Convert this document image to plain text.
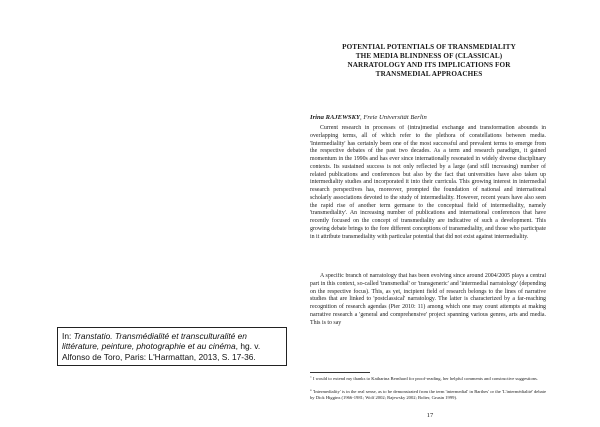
POTENTIAL POTENTIALS OF TRANSMEDIALITY
THE MEDIA BLINDNESS OF (CLASSICAL)
NARRATOLOGY AND ITS IMPLICATIONS FOR
TRANSMEDIAL APPROACHES
Irina RAJEWSKY, Freie Universität Berlin

Current research in processes of (intra)medial exchange and transformation abounds in overlapping terms, all of which refer to the plethora of constellations between media. 'Intermediality' has certainly been one of the most successful and prevalent terms to emerge from the respective debates of the past two decades. As a term and research paradigm, it gained momentum in the 1990s and has ever since internationally resonated in widely diverse disciplinary contexts. Its sustained success is not only reflected by a large (and still increasing) number of related publications and conferences but also by the fact that universities have also taken up intermediality studies and incorporated it into their curricula. This growing interest in intermedial research perspectives has, moreover, prompted the foundation of national and international scholarly associations devoted to the study of intermediality. However, recent years have also seen the rapid rise of another term germane to the conceptual field of intermediality, namely 'transmediality'. An increasing number of publications and international conferences that have recently focused on the concept of transmediality are indicative of such a development. This growing debate brings to the fore different conceptions of transmediality, and those who participate in it attribute transmediality with particular potential that did not exist against intermediality.

A specific branch of narratology that has been evolving since around 2004/2005 plays a central part in this context, so-called 'transmedial' or 'transgeneric' and 'intermedial narratology' (depending on the respective focus). This, as yet, incipient field of research belongs to the lines of narrative studies that are linked to 'postclassical' narratology. The latter is characterized by a far-reaching recognition of research agendas (Pier 2010: 11) among which one may count attempts at making narrative research a 'general and comprehensive' project spanning various genres, arts and media. This is to say

$^1$ I would to extend my thanks to Katharina Bernhard for proof-reading, her helpful comments and constructive suggestions.

$^2$ 'Intermediality' is in the real sense, as to be demonstrated from the term 'intermedial' in Barthes' or the 'L'intermédialité' debate by Dick Higgins (1966-1981; Wolf 2002; Rajewsky 2002; Bolter, Grusin 1999).

17
In: Transtatio. Transmédialité et transculturalité en littérature, peinture, photographie et au cinéma, hg. v. Alfonso de Toro, Paris: L'Harmattan, 2013, S. 17-36.
